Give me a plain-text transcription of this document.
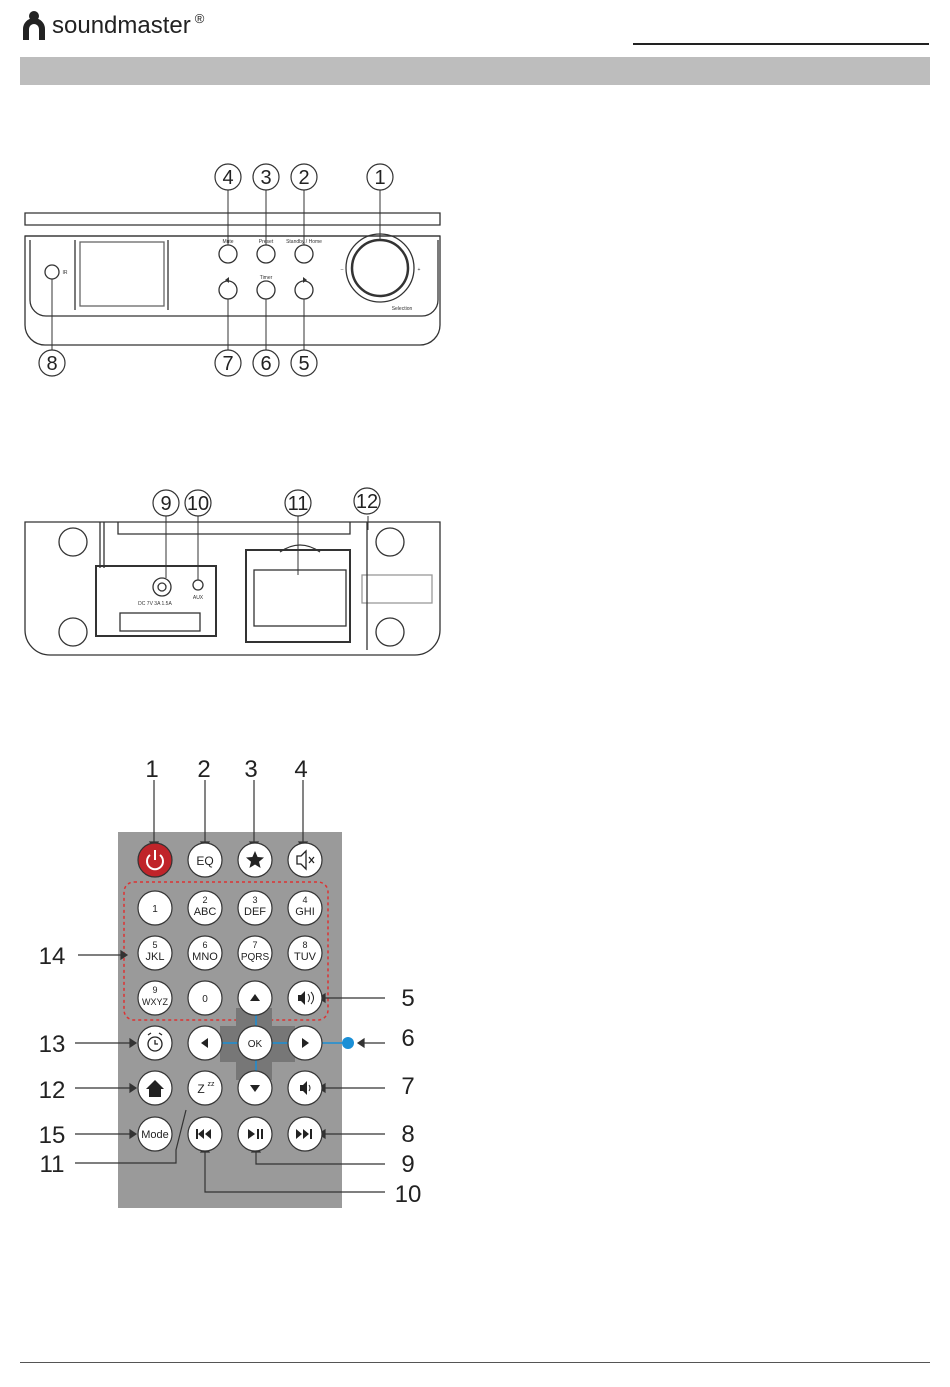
soundmaster ®
Mute	Preset	Standby / Home
Timer
Selection
–	+
IR
4 3 2	1
7 6 5
8
DC 7V 3A 1.5A
AUX
9 10	11 12
EQ
1
2
ABC
3
DEF
4
GHI
5
JKL
6
MNO
7
PQRS
8
TUV
9
WXYZ	0
OK
Mode
Z zz
1 2 3 4
5
6
7
8
9
10
11
12
13
14
15
